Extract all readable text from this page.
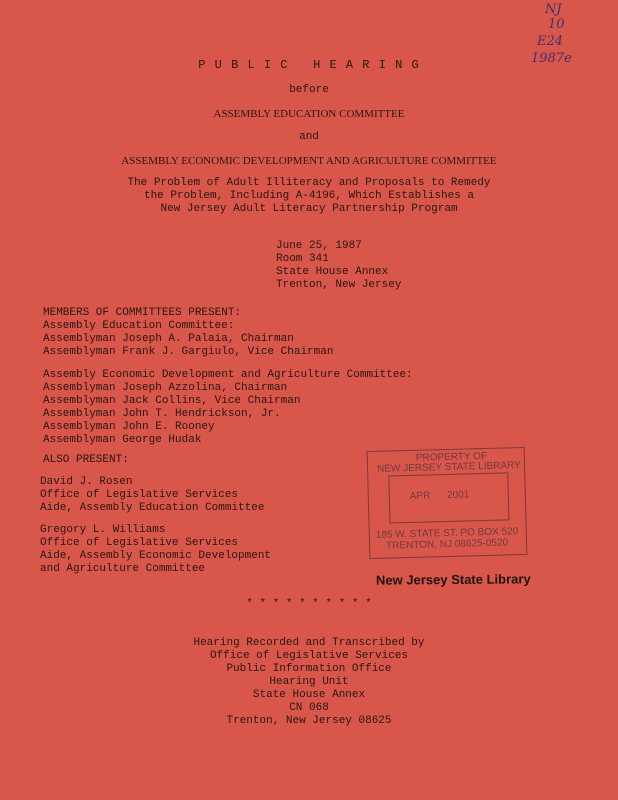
NJ
10
E24
1987e
P U B L I C   H E A R I N G
before
ASSEMBLY EDUCATION COMMITTEE
and
ASSEMBLY ECONOMIC DEVELOPMENT AND AGRICULTURE COMMITTEE
The Problem of Adult Illiteracy and Proposals to Remedy
the Problem, Including A-4196, Which Establishes a
New Jersey Adult Literacy Partnership Program
June 25, 1987
Room 341
State House Annex
Trenton, New Jersey
MEMBERS OF COMMITTEES PRESENT:
Assembly Education Committee:
Assemblyman Joseph A. Palaia, Chairman
Assemblyman Frank J. Gargiulo, Vice Chairman
Assembly Economic Development and Agriculture Committee:
Assemblyman Joseph Azzolina, Chairman
Assemblyman Jack Collins, Vice Chairman
Assemblyman John T. Hendrickson, Jr.
Assemblyman John E. Rooney
Assemblyman George Hudak
ALSO PRESENT:
David J. Rosen
Office of Legislative Services
Aide, Assembly Education Committee
Gregory L. Williams
Office of Legislative Services
Aide, Assembly Economic Development
and Agriculture Committee
PROPERTY OF
NEW JERSEY STATE LIBRARY
APR      2001
185 W. STATE ST. PO BOX 520
TRENTON, NJ 08625-0520
New Jersey State Library
* * * * * * * * * *
Hearing Recorded and Transcribed by
Office of Legislative Services
Public Information Office
Hearing Unit
State House Annex
CN 068
Trenton, New Jersey 08625
